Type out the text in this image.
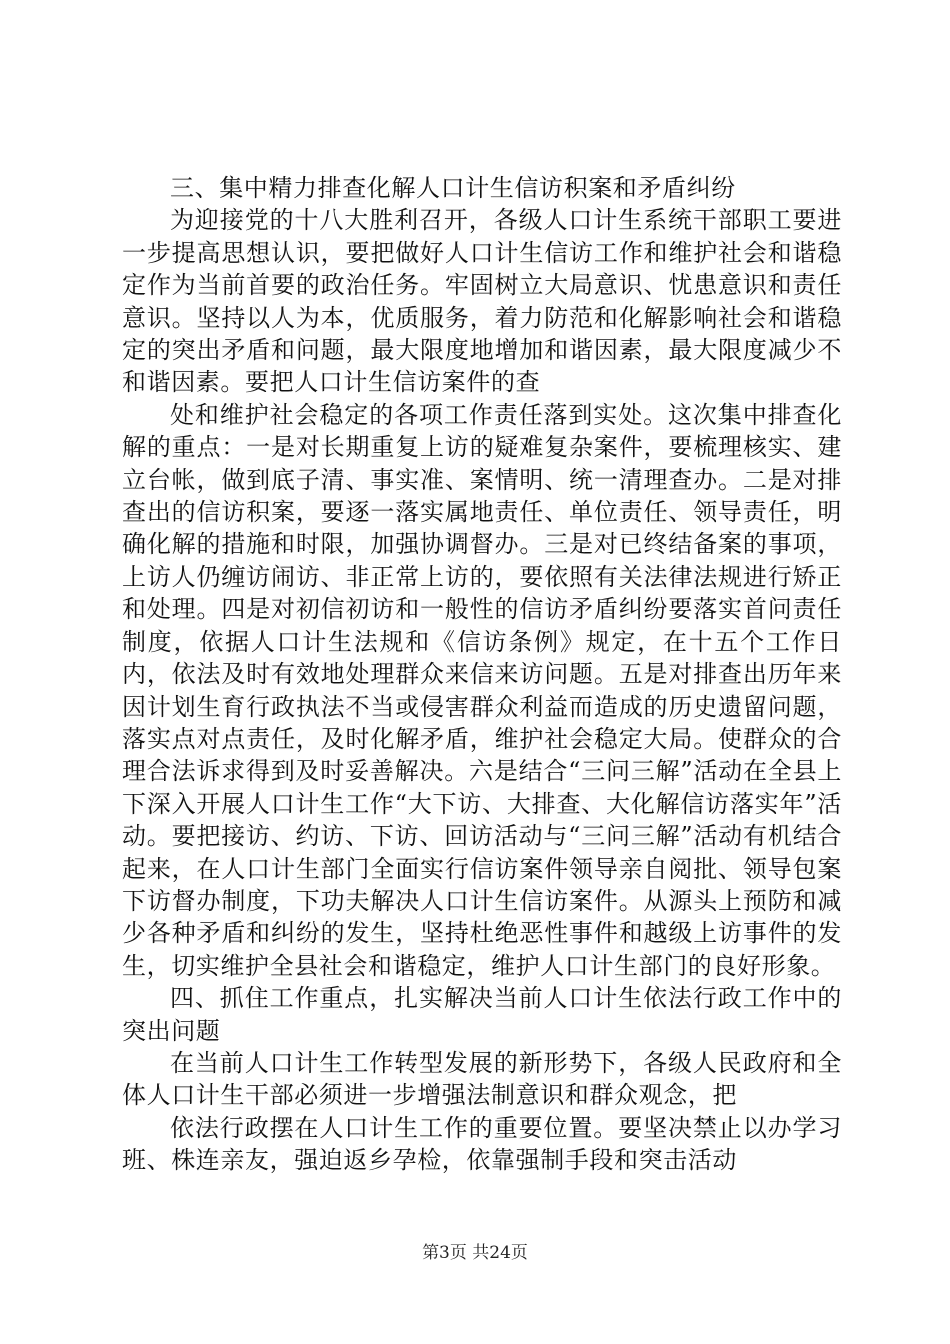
三、集中精力排查化解人口计生信访积案和矛盾纠纷

为迎接党的十八大胜利召开，各级人口计生系统干部职工要进一步提高思想认识，要把做好人口计生信访工作和维护社会和谐稳定作为当前首要的政治任务。牢固树立大局意识、忧患意识和责任意识。坚持以人为本，优质服务，着力防范和化解影响社会和谐稳定的突出矛盾和问题，最大限度地增加和谐因素，最大限度减少不和谐因素。要把人口计生信访案件的查

处和维护社会稳定的各项工作责任落到实处。这次集中排查化解的重点：一是对长期重复上访的疑难复杂案件，要梳理核实、建立台帐，做到底子清、事实准、案情明、统一清理查办。二是对排查出的信访积案，要逐一落实属地责任、单位责任、领导责任，明确化解的措施和时限，加强协调督办。三是对已终结备案的事项，上访人仍缠访闹访、非正常上访的，要依照有关法律法规进行矫正和处理。四是对初信初访和一般性的信访矛盾纠纷要落实首问责任制度，依据人口计生法规和《信访条例》规定，在十五个工作日内，依法及时有效地处理群众来信来访问题。五是对排查出历年来因计划生育行政执法不当或侵害群众利益而造成的历史遗留问题，落实点对点责任，及时化解矛盾，维护社会稳定大局。使群众的合理合法诉求得到及时妥善解决。六是结合“三问三解”活动在全县上下深入开展人口计生工作“大下访、大排查、大化解信访落实年”活动。要把接访、约访、下访、回访活动与“三问三解”活动有机结合起来，在人口计生部门全面实行信访案件领导亲自阅批、领导包案下访督办制度，下功夫解决人口计生信访案件。从源头上预防和减少各种矛盾和纠纷的发生，坚持杜绝恶性事件和越级上访事件的发生，切实维护全县社会和谐稳定，维护人口计生部门的良好形象。

四、抓住工作重点，扎实解决当前人口计生依法行政工作中的突出问题

在当前人口计生工作转型发展的新形势下，各级人民政府和全体人口计生干部必须进一步增强法制意识和群众观念，把

依法行政摆在人口计生工作的重要位置。要坚决禁止以办学习班、株连亲友，强迫返乡孕检，依靠强制手段和突击活动

第3页 共24页
